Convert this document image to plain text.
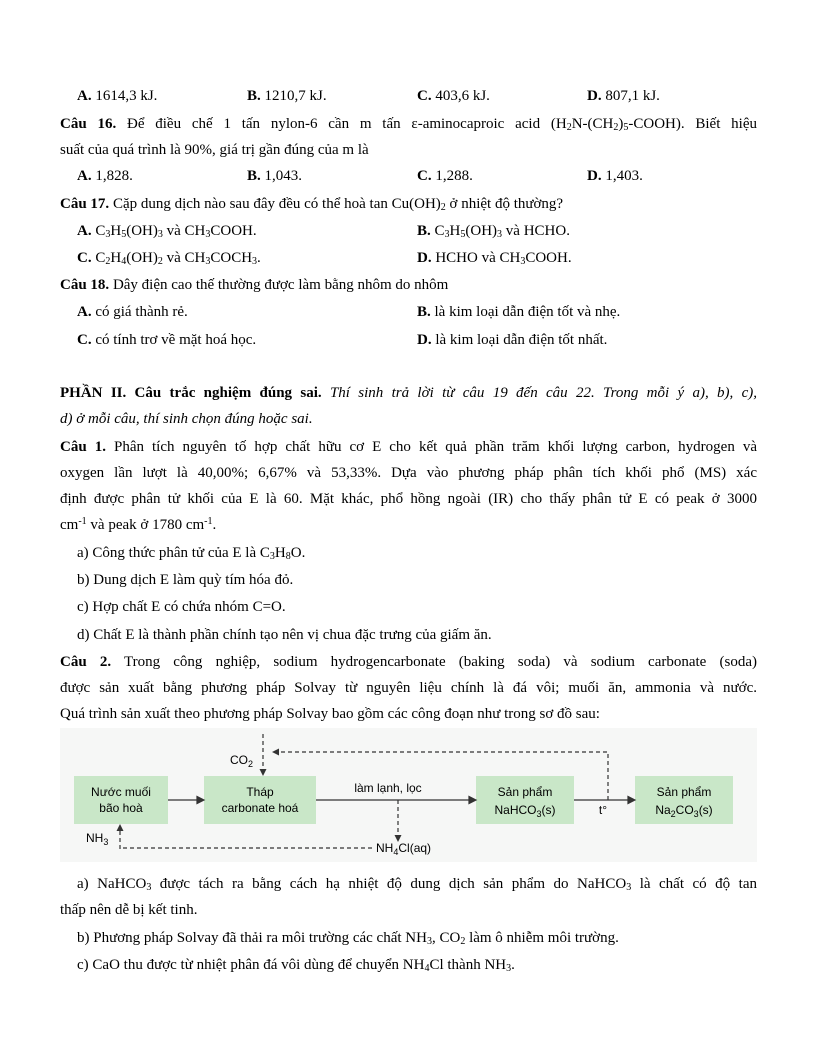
A. 1614,3 kJ.	B. 1210,7 kJ.	C. 403,6 kJ.	D. 807,1 kJ.
Câu 16. Để điều chế 1 tấn nylon-6 cần m tấn ε-aminocaproic acid $(H_2N-(CH_2)_5-COOH)$. Biết hiệu
suất của quá trình là 90%, giá trị gần đúng của m là
A. 1,828.	B. 1,043.	C. 1,288.	D. 1,403.
Câu 17. Cặp dung dịch nào sau đây đều có thể hoà $\tan Cu(OH)_2$ ở nhiệt độ thường?
A. $C_3H_5(OH)_3$ và $CH_3COOH$.	B. $C_3H_5(OH)_3$ và HCHO.
C. $C_2H_4(OH)_2$ và $CH_3COCH_3$.	D. HCHO và $CH_3COOH$.
Câu 18. Dây điện cao thế thường được làm bằng nhôm do nhôm
A. có giá thành rẻ.	B. là kim loại dẫn điện tốt và nhẹ.
C. có tính trơ về mặt hoá học.	D. là kim loại dẫn điện tốt nhất.
PHẦN II. Câu trắc nghiệm đúng sai. Thí sinh trả lời từ câu 19 đến câu 22. Trong mỗi ý a), b), c),
d) ở mỗi câu, thí sinh chọn đúng hoặc sai.
Câu 1. Phân tích nguyên tố hợp chất hữu cơ E cho kết quả phần trăm khối lượng carbon, hydrogen và
oxygen lần lượt là 40,00%; 6,67% và 53,33%. Dựa vào phương pháp phân tích khối phổ (MS) xác
định được phân tử khối của E là 60. Mặt khác, phổ hồng ngoài (IR) cho thấy phân tử E có peak ở 3000
$cm^{-1}$ và peak ở 1780 $cm^{-1}$.
a) Công thức phân tử của E là $C_3H_8O$.
b) Dung dịch E làm quỳ tím hóa đỏ.
c) Hợp chất E có chứa nhóm C=O.
d) Chất E là thành phần chính tạo nên vị chua đặc trưng của giấm ăn.
Câu 2. Trong công nghiệp, sodium hydrogencarbonate (baking soda) và sodium carbonate (soda)
được sản xuất bằng phương pháp Solvay từ nguyên liệu chính là đá vôi; muối ăn, ammonia và nước.
Quá trình sản xuất theo phương pháp Solvay bao gồm các công đoạn như trong sơ đồ sau:
Nước muối
bão hoà
Tháp
carbonate hoá
Sản phẩm
NaHCO$_3$(s)
Sản phẩm
$Na_2CO_3(s)$
làm lạnh, lọc
t°
$CO_2$
$NH_3$	$NH_4Cl(aq)$
a) NaHCO$_3$ được tách ra bằng cách hạ nhiệt độ dung dịch sản phẩm do NaHCO$_3$ là chất có độ tan
thấp nên dễ bị kết tinh.
b) Phương pháp Solvay đã thải ra môi trường các chất $NH_3$, $CO_2$ làm ô nhiễm môi trường.
c) CaO thu được từ nhiệt phân đá vôi dùng để chuyển $NH_4Cl$ thành $NH_3$.
